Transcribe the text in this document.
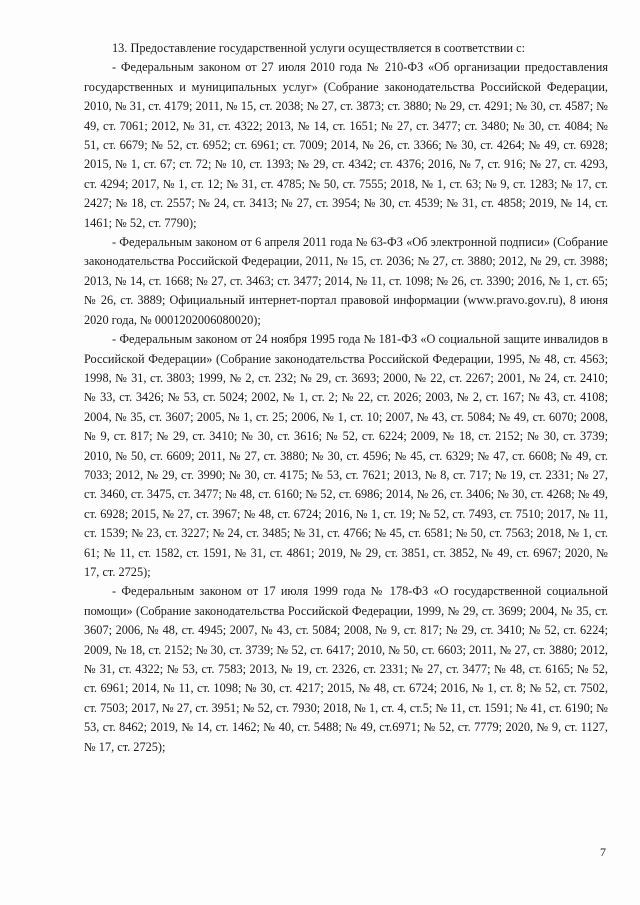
13. Предоставление государственной услуги осуществляется в соответствии с:

- Федеральным законом от 27 июля 2010 года № 210-ФЗ «Об организации предоставления государственных и муниципальных услуг» (Собрание законодательства Российской Федерации, 2010, № 31, ст. 4179; 2011, № 15, ст. 2038; № 27, ст. 3873; ст. 3880; № 29, ст. 4291; № 30, ст. 4587; № 49, ст. 7061; 2012, № 31, ст. 4322; 2013, № 14, ст. 1651; № 27, ст. 3477; ст. 3480; № 30, ст. 4084; № 51, ст. 6679; № 52, ст. 6952; ст. 6961; ст. 7009; 2014, № 26, ст. 3366; № 30, ст. 4264; № 49, ст. 6928; 2015, № 1, ст. 67; ст. 72; № 10, ст. 1393; № 29, ст. 4342; ст. 4376; 2016, № 7, ст. 916; № 27, ст. 4293, ст. 4294; 2017, № 1, ст. 12; № 31, ст. 4785; № 50, ст. 7555; 2018, № 1, ст. 63; № 9, ст. 1283; № 17, ст. 2427; № 18, ст. 2557; № 24, ст. 3413; № 27, ст. 3954; № 30, ст. 4539; № 31, ст. 4858; 2019, № 14, ст. 1461; № 52, ст. 7790);

- Федеральным законом от 6 апреля 2011 года № 63-ФЗ «Об электронной подписи» (Собрание законодательства Российской Федерации, 2011, № 15, ст. 2036; № 27, ст. 3880; 2012, № 29, ст. 3988; 2013, № 14, ст. 1668; № 27, ст. 3463; ст. 3477; 2014, № 11, ст. 1098; № 26, ст. 3390; 2016, № 1, ст. 65; № 26, ст. 3889; Официальный интернет-портал правовой информации (www.pravo.gov.ru), 8 июня 2020 года, № 0001202006080020);

- Федеральным законом от 24 ноября 1995 года № 181-ФЗ «О социальной защите инвалидов в Российской Федерации» (Собрание законодательства Российской Федерации, 1995, № 48, ст. 4563; 1998, № 31, ст. 3803; 1999, № 2, ст. 232; № 29, ст. 3693; 2000, № 22, ст. 2267; 2001, № 24, ст. 2410; № 33, ст. 3426; № 53, ст. 5024; 2002, № 1, ст. 2; № 22, ст. 2026; 2003, № 2, ст. 167; № 43, ст. 4108; 2004, № 35, ст. 3607; 2005, № 1, ст. 25; 2006, № 1, ст. 10; 2007, № 43, ст. 5084; № 49, ст. 6070; 2008, № 9, ст. 817; № 29, ст. 3410; № 30, ст. 3616; № 52, ст. 6224; 2009, № 18, ст. 2152; № 30, ст. 3739; 2010, № 50, ст. 6609; 2011, № 27, ст. 3880; № 30, ст. 4596; № 45, ст. 6329; № 47, ст. 6608; № 49, ст. 7033; 2012, № 29, ст. 3990; № 30, ст. 4175; № 53, ст. 7621; 2013, № 8, ст. 717; № 19, ст. 2331; № 27, ст. 3460, ст. 3475, ст. 3477; № 48, ст. 6160; № 52, ст. 6986; 2014, № 26, ст. 3406; № 30, ст. 4268; № 49, ст. 6928; 2015, № 27, ст. 3967; № 48, ст. 6724; 2016, № 1, ст. 19; № 52, ст. 7493, ст. 7510; 2017, № 11, ст. 1539; № 23, ст. 3227; № 24, ст. 3485; № 31, ст. 4766; № 45, ст. 6581; № 50, ст. 7563; 2018, № 1, ст. 61; № 11, ст. 1582, ст. 1591, № 31, ст. 4861; 2019, № 29, ст. 3851, ст. 3852, № 49, ст. 6967; 2020, № 17, ст. 2725);

- Федеральным законом от 17 июля 1999 года № 178-ФЗ «О государственной социальной помощи» (Собрание законодательства Российской Федерации, 1999, № 29, ст. 3699; 2004, № 35, ст. 3607; 2006, № 48, ст. 4945; 2007, № 43, ст. 5084; 2008, № 9, ст. 817; № 29, ст. 3410; № 52, ст. 6224; 2009, № 18, ст. 2152; № 30, ст. 3739; № 52, ст. 6417; 2010, № 50, ст. 6603; 2011, № 27, ст. 3880; 2012, № 31, ст. 4322; № 53, ст. 7583; 2013, № 19, ст. 2326, ст. 2331; № 27, ст. 3477; № 48, ст. 6165; № 52, ст. 6961; 2014, № 11, ст. 1098; № 30, ст. 4217; 2015, № 48, ст. 6724; 2016, № 1, ст. 8; № 52, ст. 7502, ст. 7503; 2017, № 27, ст. 3951; № 52, ст. 7930; 2018, № 1, ст. 4, ст.5; № 11, ст. 1591; № 41, ст. 6190; № 53, ст. 8462; 2019, № 14, ст. 1462; № 40, ст. 5488; № 49, ст.6971; № 52, ст. 7779; 2020, № 9, ст. 1127, № 17, ст. 2725);

7
